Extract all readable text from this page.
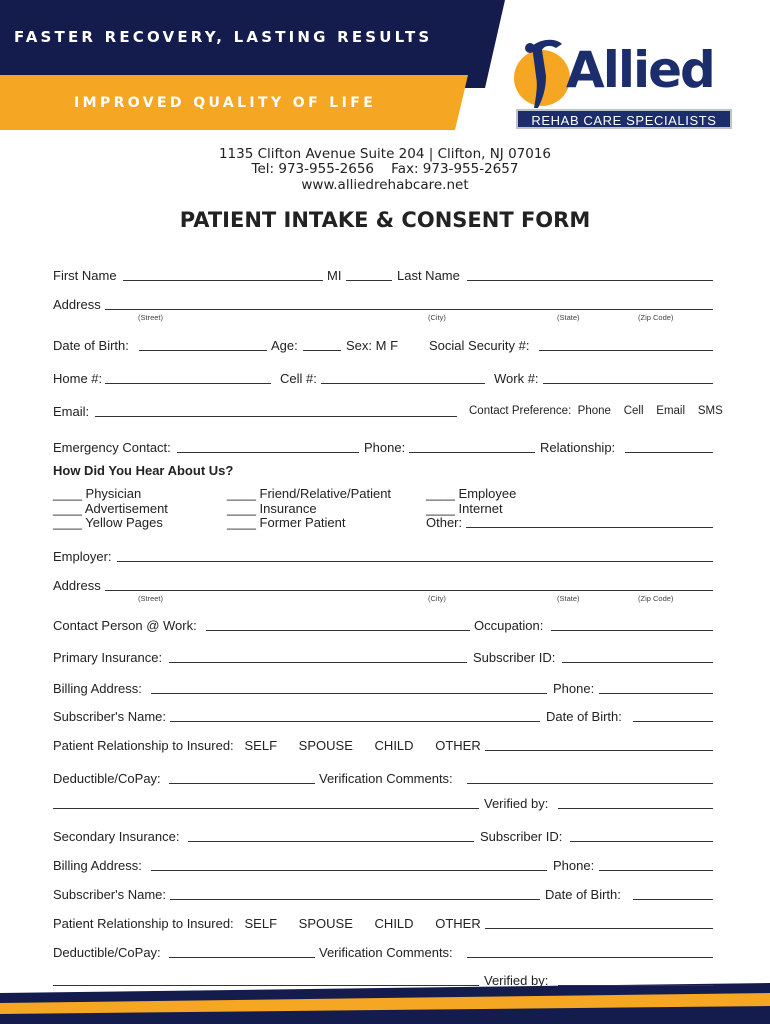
FASTER RECOVERY, LASTING RESULTS
IMPROVED QUALITY OF LIFE
Allied
REHAB CARE SPECIALISTS
1135 Clifton Avenue Suite 204 | Clifton, NJ 07016
Tel: 973-955-2656    Fax: 973-955-2657
www.alliedrehabcare.net
PATIENT INTAKE & CONSENT FORM
First Name	MI	Last Name
Address
(Street)	(City)	(State)	(Zip Code)
Date of Birth:	Age:	Sex: M F Social Security #:
Home #:	Cell #:	Work #:
Email:	Contact Preference:  Phone    Cell    Email    SMS
Emergency Contact:	Phone:	Relationship:
How Did You Hear About Us?
____ Physician	____ Friend/Relative/Patient	____ Employee
____ Advertisement	____ Insurance	____ Internet
____ Yellow Pages	____ Former Patient	Other:
Employer:
Address
(Street)	(City)	(State)	(Zip Code)
Contact Person @ Work:	Occupation:
Primary Insurance:	Subscriber ID:
Billing Address:	Phone:
Subscriber's Name:	Date of Birth:
Patient Relationship to Insured:   SELF      SPOUSE      CHILD      OTHER
Deductible/CoPay:	Verification Comments:
Verified by:
Secondary Insurance:	Subscriber ID:
Billing Address:	Phone:
Subscriber's Name:	Date of Birth:
Patient Relationship to Insured:   SELF      SPOUSE      CHILD      OTHER
Deductible/CoPay:	Verification Comments:
Verified by:
